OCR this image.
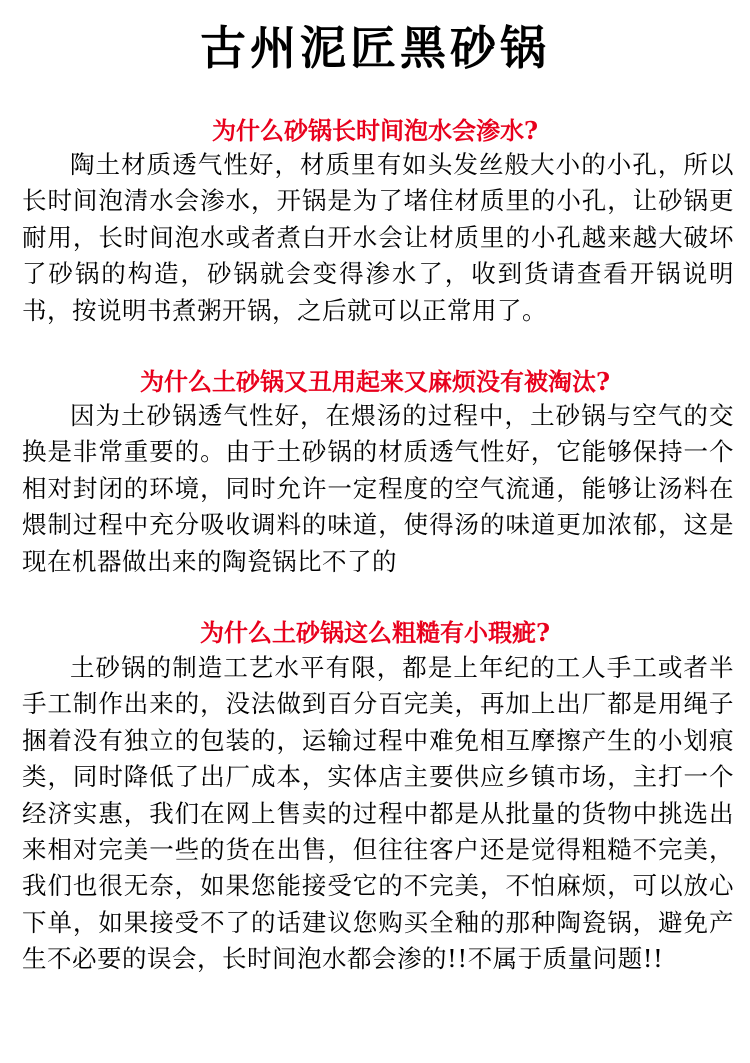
古州泥匠黑砂锅
为什么砂锅长时间泡水会渗水?
陶土材质透气性好，材质里有如头发丝般大小的小孔，所以长时间泡清水会渗水，开锅是为了堵住材质里的小孔，让砂锅更耐用，长时间泡水或者煮白开水会让材质里的小孔越来越大破坏了砂锅的构造，砂锅就会变得渗水了，收到货请查看开锅说明书，按说明书煮粥开锅，之后就可以正常用了。
为什么土砂锅又丑用起来又麻烦没有被淘汰?
因为土砂锅透气性好，在煨汤的过程中，土砂锅与空气的交换是非常重要的。由于土砂锅的材质透气性好，它能够保持一个相对封闭的环境，同时允许一定程度的空气流通，能够让汤料在煨制过程中充分吸收调料的味道，使得汤的味道更加浓郁，这是现在机器做出来的陶瓷锅比不了的
为什么土砂锅这么粗糙有小瑕疵?
土砂锅的制造工艺水平有限，都是上年纪的工人手工或者半手工制作出来的，没法做到百分百完美，再加上出厂都是用绳子捆着没有独立的包装的，运输过程中难免相互摩擦产生的小划痕类，同时降低了出厂成本，实体店主要供应乡镇市场，主打一个经济实惠，我们在网上售卖的过程中都是从批量的货物中挑选出来相对完美一些的货在出售，但往往客户还是觉得粗糙不完美，我们也很无奈，如果您能接受它的不完美，不怕麻烦，可以放心下单，如果接受不了的话建议您购买全釉的那种陶瓷锅，避免产生不必要的误会，长时间泡水都会渗的!!不属于质量问题!!
